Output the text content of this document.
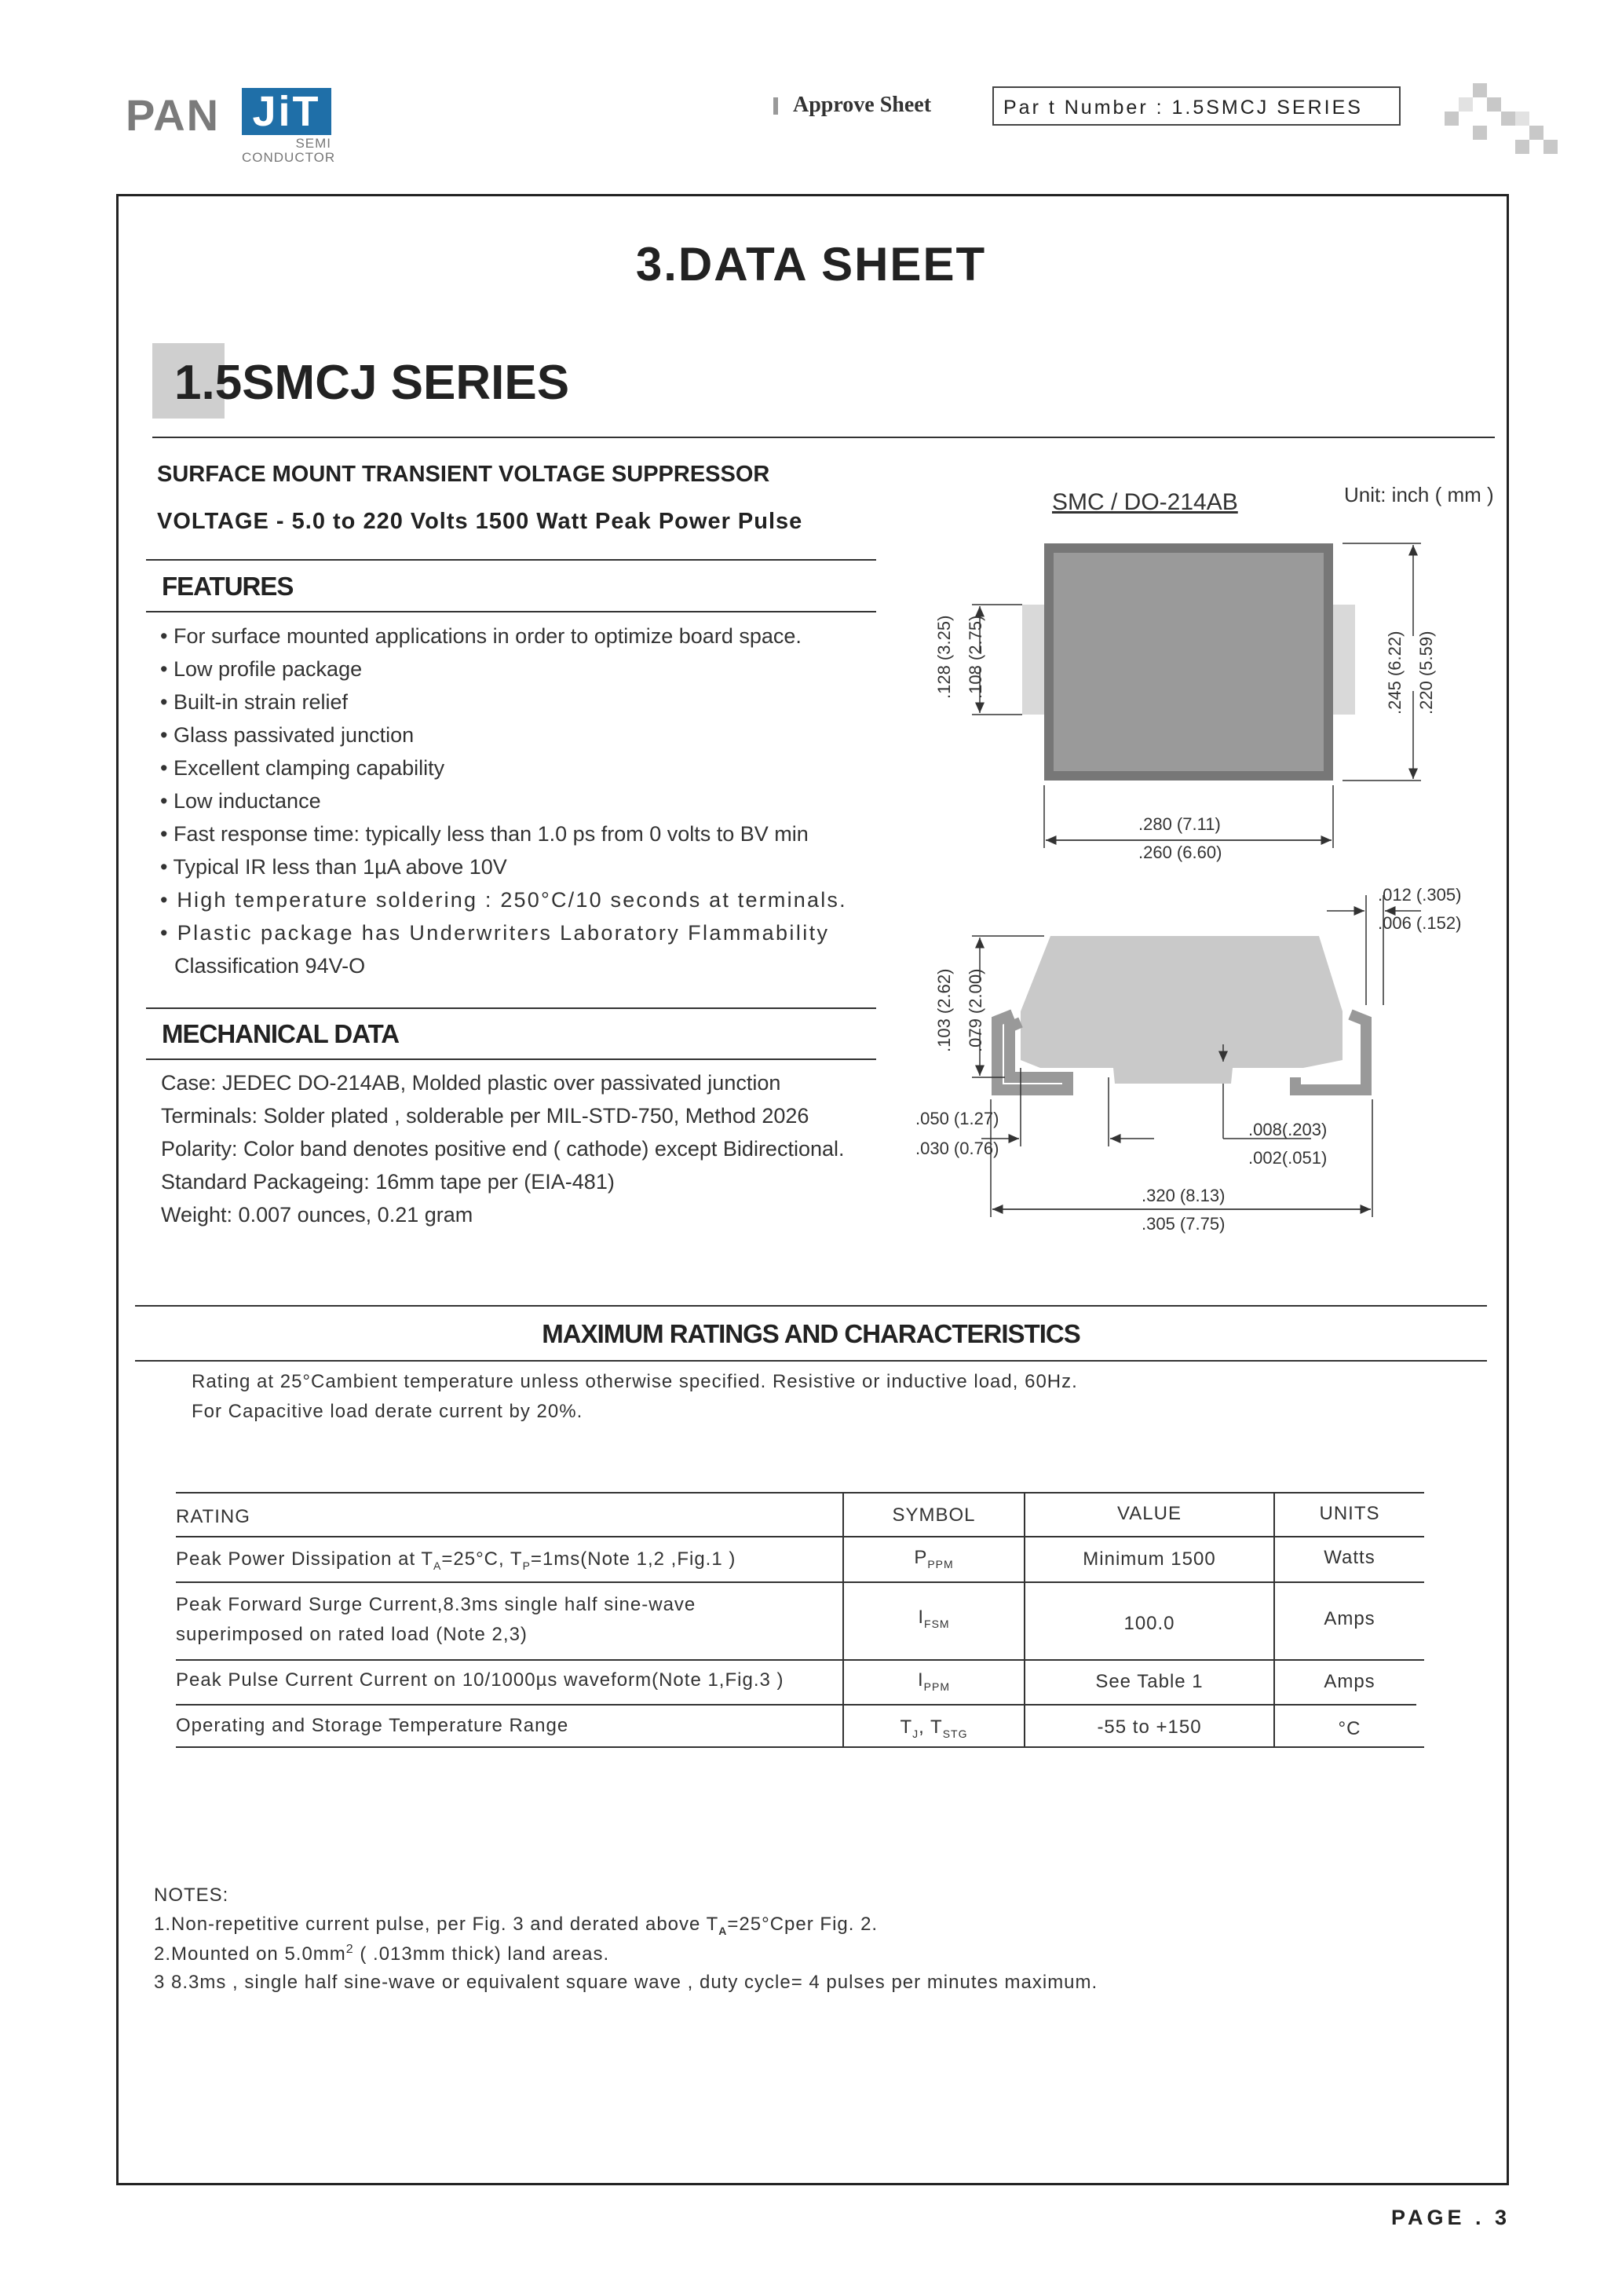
PAN JiT
SEMI
CONDUCTOR
Approve Sheet	Par t Number : 1.5SMCJ SERIES
3.DATA SHEET
1.5SMCJ SERIES
SURFACE MOUNT TRANSIENT VOLTAGE SUPPRESSOR
VOLTAGE - 5.0 to 220 Volts 1500 Watt Peak Power Pulse
FEATURES
• For surface mounted applications in order to optimize board space.
• Low profile package
• Built-in strain relief
• Glass passivated junction
• Excellent clamping capability
• Low inductance
• Fast response time: typically less than 1.0 ps from 0 volts to BV min
• Typical IR less than 1µA above 10V
• High temperature soldering : 250°C/10 seconds at terminals.
• Plastic package has Underwriters Laboratory Flammability
Classification 94V-O
MECHANICAL DATA
Case: JEDEC DO-214AB, Molded plastic over passivated junction
Terminals: Solder plated , solderable per MIL-STD-750, Method 2026
Polarity: Color band denotes positive end ( cathode) except Bidirectional.
Standard Packageing: 16mm tape per (EIA-481)
Weight: 0.007 ounces, 0.21 gram
SMC / DO-214AB	Unit: inch ( mm )
.128 (3.25) .108 (2.75)	.245 (6.22) .220 (5.59)
.280 (7.11)
.260 (6.60)
.012 (.305)
.006 (.152)
.103 (2.62) .079 (2.00)
.050 (1.27)
.030 (0.76)
.008(.203)
.002(.051)
.320 (8.13)
.305 (7.75)
MAXIMUM RATINGS AND CHARACTERISTICS
Rating at 25°Cambient temperature unless otherwise specified. Resistive or inductive load, 60Hz.
For Capacitive load derate current by 20%.
RATING	SYMBOL	VALUE	UNITS
Peak Power Dissipation at $T_A=25^\circ C$, $T_P=1ms(Note$ 1,2 ,Fig.1 )	$P_{PPM}$	Minimum 1500	Watts
Peak Forward Surge Current,8.3ms single half sine-wave
superimposed on rated load (Note 2,3)
$I_{FSM}$	100.0	Amps
Peak Pulse Current Current on 10/1000µs waveform(Note 1,Fig.3 )	$I_{PPM}$	See Table 1	Amps
Operating and Storage Temperature Range	$T_J$, $T_{STG}$	-55 to +150	°C
NOTES:
1.Non-repetitive current pulse, per Fig. 3 and derated above $T_A=25^\circ Cper$ Fig. 2.
2.Mounted on $5.0mm^2$ ( .013mm thick) land areas.
3 8.3ms , single half sine-wave or equivalent square wave , duty cycle= 4 pulses per minutes maximum.
PAGE . 3
